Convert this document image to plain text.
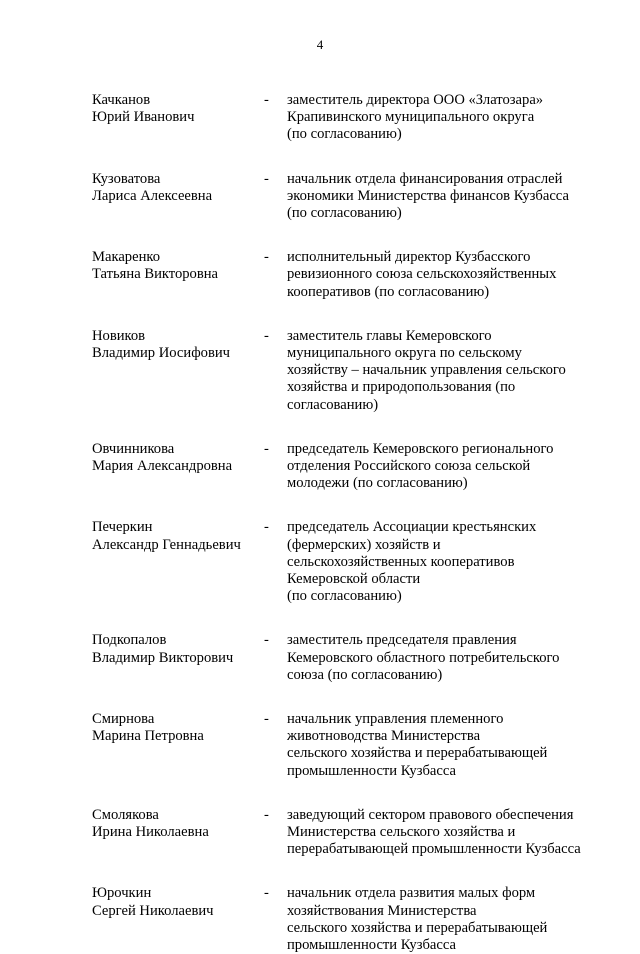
4
Качканов
Юрий Иванович
- заместитель директора ООО «Златозара»
Крапивинского муниципального округа
(по согласованию)
Кузоватова
Лариса Алексеевна
- начальник отдела финансирования отраслей
экономики Министерства финансов Кузбасса
(по согласованию)
Макаренко
Татьяна Викторовна
- исполнительный директор Кузбасского
ревизионного союза сельскохозяйственных
кооперативов (по согласованию)
Новиков
Владимир Иосифович
- заместитель главы Кемеровского
муниципального округа по сельскому
хозяйству – начальник управления сельского
хозяйства и природопользования (по
согласованию)
Овчинникова
Мария Александровна
- председатель Кемеровского регионального
отделения Российского союза сельской
молодежи (по согласованию)
Печеркин
Александр Геннадьевич
- председатель Ассоциации крестьянских
(фермерских) хозяйств и
сельскохозяйственных кооперативов
Кемеровской области
(по согласованию)
Подкопалов
Владимир Викторович
- заместитель председателя правления
Кемеровского областного потребительского
союза (по согласованию)
Смирнова
Марина Петровна
- начальник управления племенного
животноводства Министерства
сельского хозяйства и перерабатывающей
промышленности Кузбасса
Смолякова
Ирина Николаевна
- заведующий сектором правового обеспечения
Министерства сельского хозяйства и
перерабатывающей промышленности Кузбасса
Юрочкин
Сергей Николаевич
- начальник отдела развития малых форм
хозяйствования Министерства
сельского хозяйства и перерабатывающей
промышленности Кузбасса
